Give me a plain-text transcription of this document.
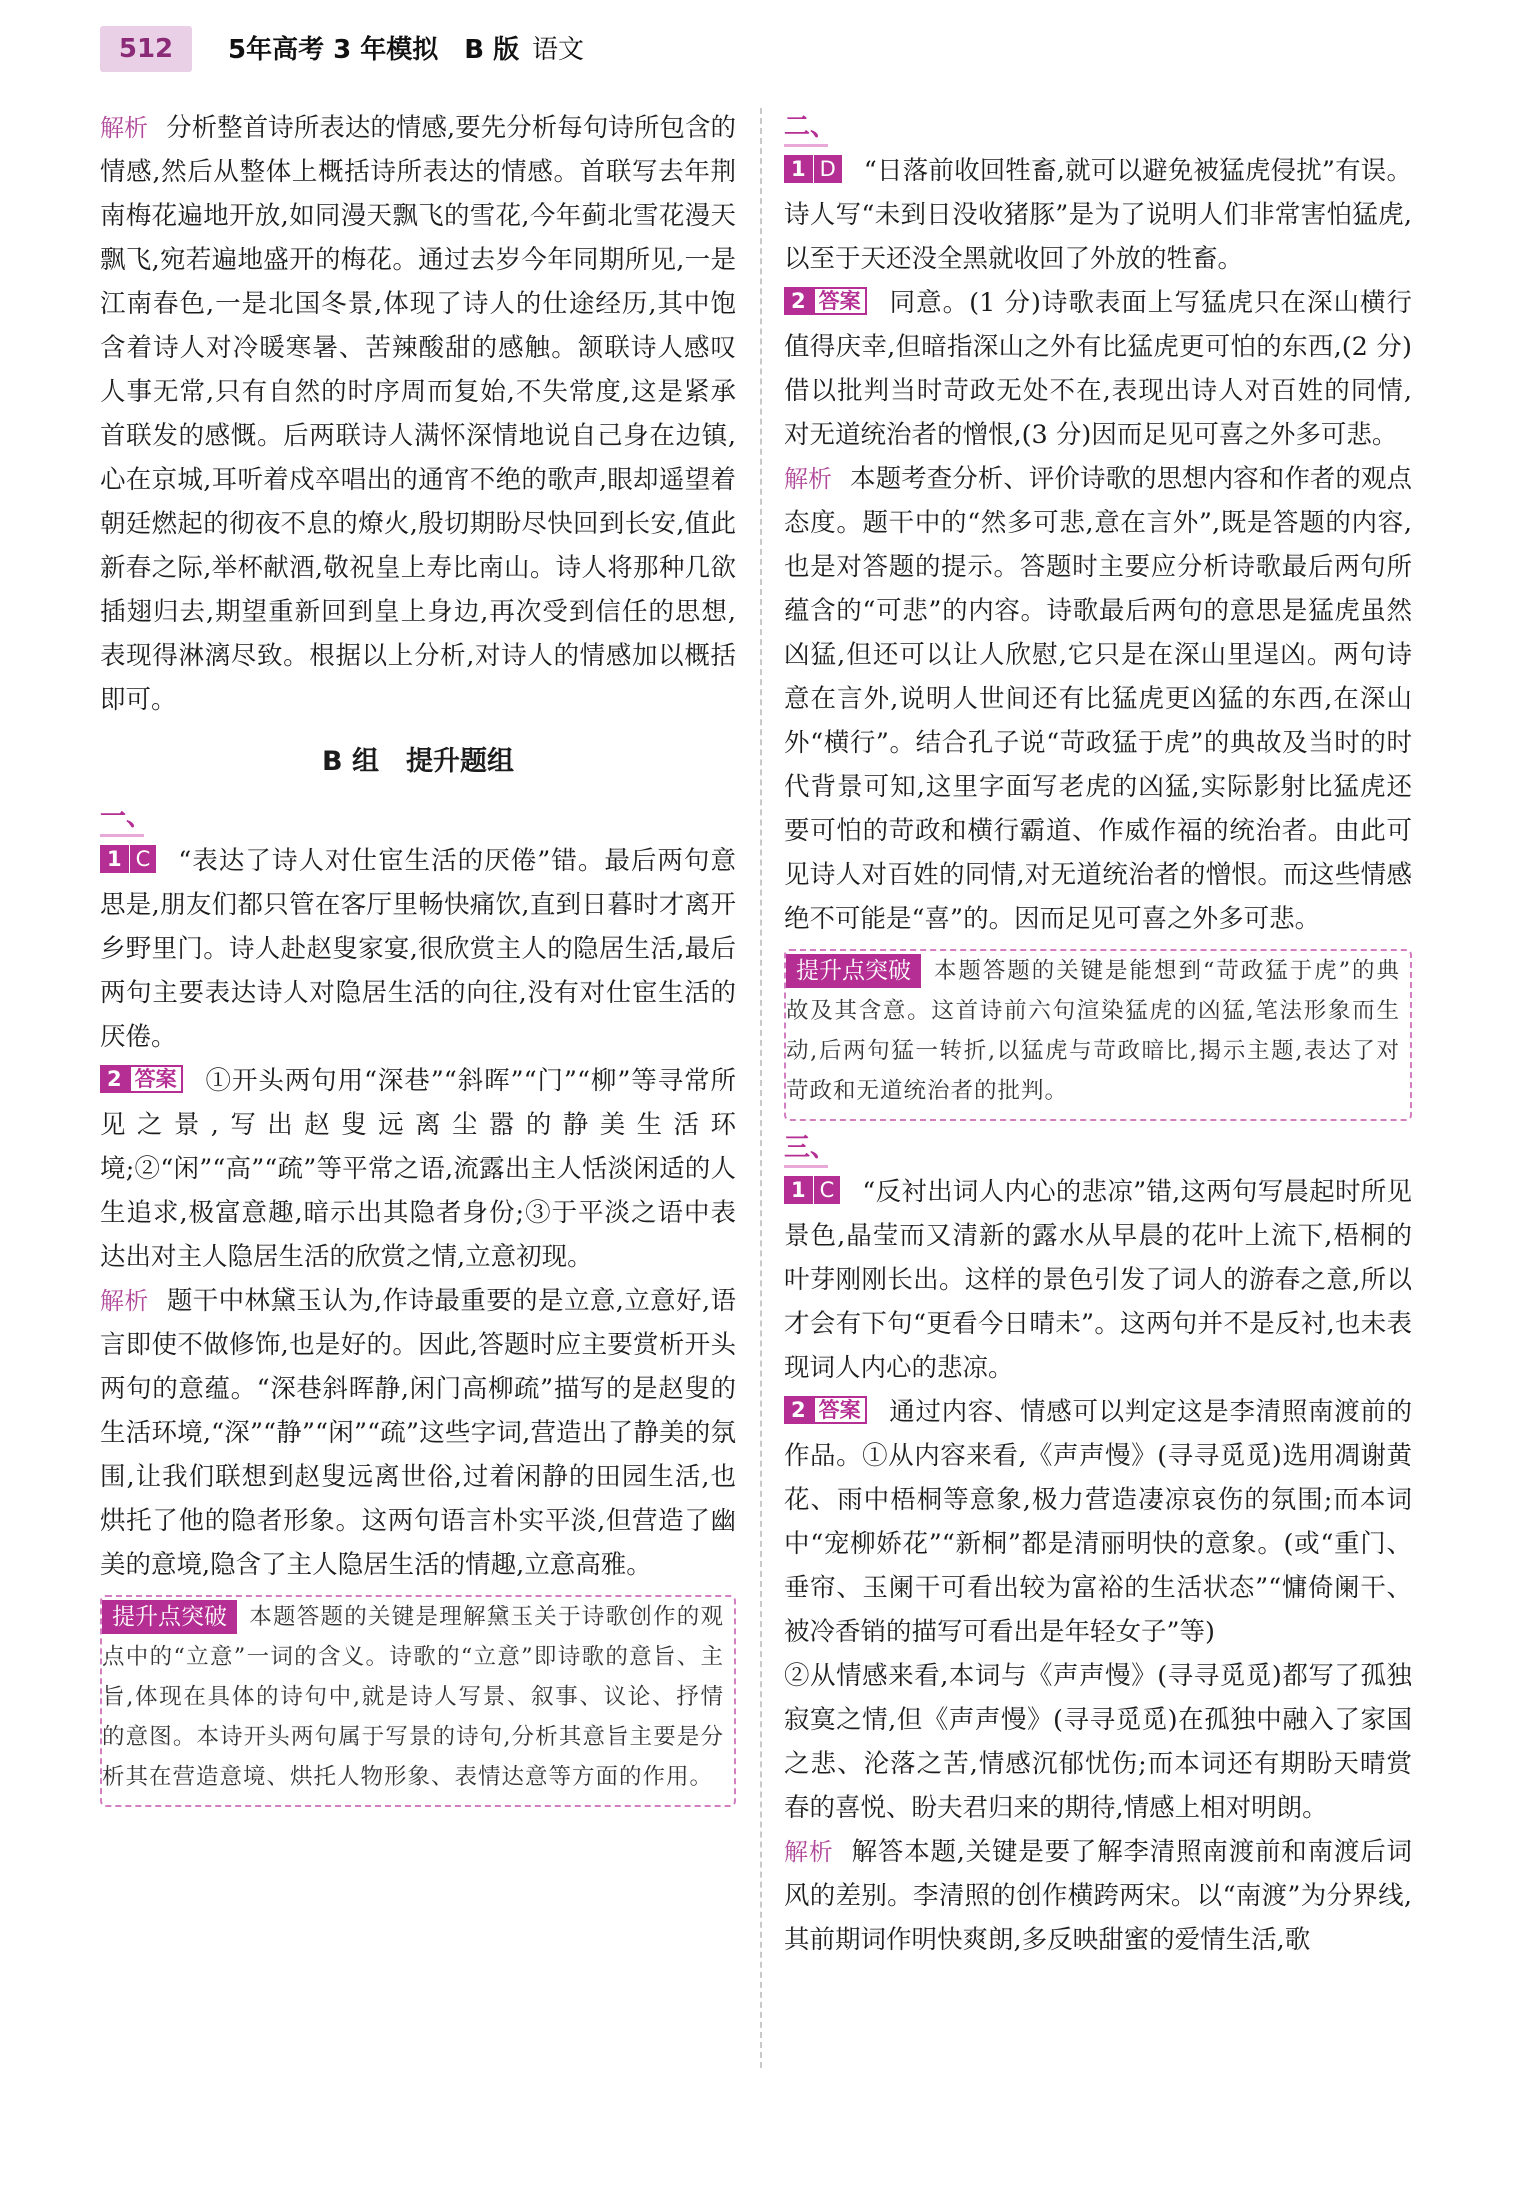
512	5年高考 3 年模拟　B 版 语文

解析 分析整首诗所表达的情感,要先分析每句诗所包含的情感,然后从整体上概括诗所表达的情感。首联写去年荆南梅花遍地开放,如同漫天飘飞的雪花,今年蓟北雪花漫天飘飞,宛若遍地盛开的梅花。通过去岁今年同期所见,一是江南春色,一是北国冬景,体现了诗人的仕途经历,其中饱含着诗人对冷暖寒暑、苦辣酸甜的感触。颔联诗人感叹人事无常,只有自然的时序周而复始,不失常度,这是紧承首联发的感慨。后两联诗人满怀深情地说自己身在边镇,心在京城,耳听着戍卒唱出的通宵不绝的歌声,眼却遥望着朝廷燃起的彻夜不息的燎火,殷切期盼尽快回到长安,值此新春之际,举杯献酒,敬祝皇上寿比南山。诗人将那种几欲插翅归去,期望重新回到皇上身边,再次受到信任的思想,表现得淋漓尽致。根据以上分析,对诗人的情感加以概括即可。

B 组　提升题组
一、

1 C “表达了诗人对仕宦生活的厌倦”错。最后两句意思是,朋友们都只管在客厅里畅快痛饮,直到日暮时才离开乡野里门。诗人赴赵叟家宴,很欣赏主人的隐居生活,最后两句主要表达诗人对隐居生活的向往,没有对仕宦生活的厌倦。

2 答案 ①开头两句用“深巷”“斜晖”“门”“柳”等寻常所见之景,写出赵叟远离尘嚣的静美生活环境;②“闲”“高”“疏”等平常之语,流露出主人恬淡闲适的人生追求,极富意趣,暗示出其隐者身份;③于平淡之语中表达出对主人隐居生活的欣赏之情,立意初现。

解析 题干中林黛玉认为,作诗最重要的是立意,立意好,语言即使不做修饰,也是好的。因此,答题时应主要赏析开头两句的意蕴。“深巷斜晖静,闲门高柳疏”描写的是赵叟的生活环境,“深”“静”“闲”“疏”这些字词,营造出了静美的氛围,让我们联想到赵叟远离世俗,过着闲静的田园生活,也烘托了他的隐者形象。这两句语言朴实平淡,但营造了幽美的意境,隐含了主人隐居生活的情趣,立意高雅。

提升点突破 本题答题的关键是理解黛玉关于诗歌创作的观点中的“立意”一词的含义。诗歌的“立意”即诗歌的意旨、主旨,体现在具体的诗句中,就是诗人写景、叙事、议论、抒情的意图。本诗开头两句属于写景的诗句,分析其意旨主要是分析其在营造意境、烘托人物形象、表情达意等方面的作用。
二、

1 D “日落前收回牲畜,就可以避免被猛虎侵扰”有误。诗人写“未到日没收猪豚”是为了说明人们非常害怕猛虎,以至于天还没全黑就收回了外放的牲畜。

2 答案 同意。(1 分)诗歌表面上写猛虎只在深山横行值得庆幸,但暗指深山之外有比猛虎更可怕的东西,(2 分)借以批判当时苛政无处不在,表现出诗人对百姓的同情,对无道统治者的憎恨,(3 分)因而足见可喜之外多可悲。

解析 本题考查分析、评价诗歌的思想内容和作者的观点态度。题干中的“然多可悲,意在言外”,既是答题的内容,也是对答题的提示。答题时主要应分析诗歌最后两句所蕴含的“可悲”的内容。诗歌最后两句的意思是猛虎虽然凶猛,但还可以让人欣慰,它只是在深山里逞凶。两句诗意在言外,说明人世间还有比猛虎更凶猛的东西,在深山外“横行”。结合孔子说“苛政猛于虎”的典故及当时的时代背景可知,这里字面写老虎的凶猛,实际影射比猛虎还要可怕的苛政和横行霸道、作威作福的统治者。由此可见诗人对百姓的同情,对无道统治者的憎恨。而这些情感绝不可能是“喜”的。因而足见可喜之外多可悲。

提升点突破 本题答题的关键是能想到“苛政猛于虎”的典故及其含意。这首诗前六句渲染猛虎的凶猛,笔法形象而生动,后两句猛一转折,以猛虎与苛政暗比,揭示主题,表达了对苛政和无道统治者的批判。
三、

1 C “反衬出词人内心的悲凉”错,这两句写晨起时所见景色,晶莹而又清新的露水从早晨的花叶上流下,梧桐的叶芽刚刚长出。这样的景色引发了词人的游春之意,所以才会有下句“更看今日晴未”。这两句并不是反衬,也未表现词人内心的悲凉。

2 答案 通过内容、情感可以判定这是李清照南渡前的作品。①从内容来看,《声声慢》(寻寻觅觅)选用凋谢黄花、雨中梧桐等意象,极力营造凄凉哀伤的氛围;而本词中“宠柳娇花”“新桐”都是清丽明快的意象。(或“重门、垂帘、玉阑干可看出较为富裕的生活状态”“慵倚阑干、被冷香销的描写可看出是年轻女子”等)

②从情感来看,本词与《声声慢》(寻寻觅觅)都写了孤独寂寞之情,但《声声慢》(寻寻觅觅)在孤独中融入了家国之悲、沦落之苦,情感沉郁忧伤;而本词还有期盼天晴赏春的喜悦、盼夫君归来的期待,情感上相对明朗。

解析 解答本题,关键是要了解李清照南渡前和南渡后词风的差别。李清照的创作横跨两宋。以“南渡”为分界线,其前期词作明快爽朗,多反映甜蜜的爱情生活,歌
